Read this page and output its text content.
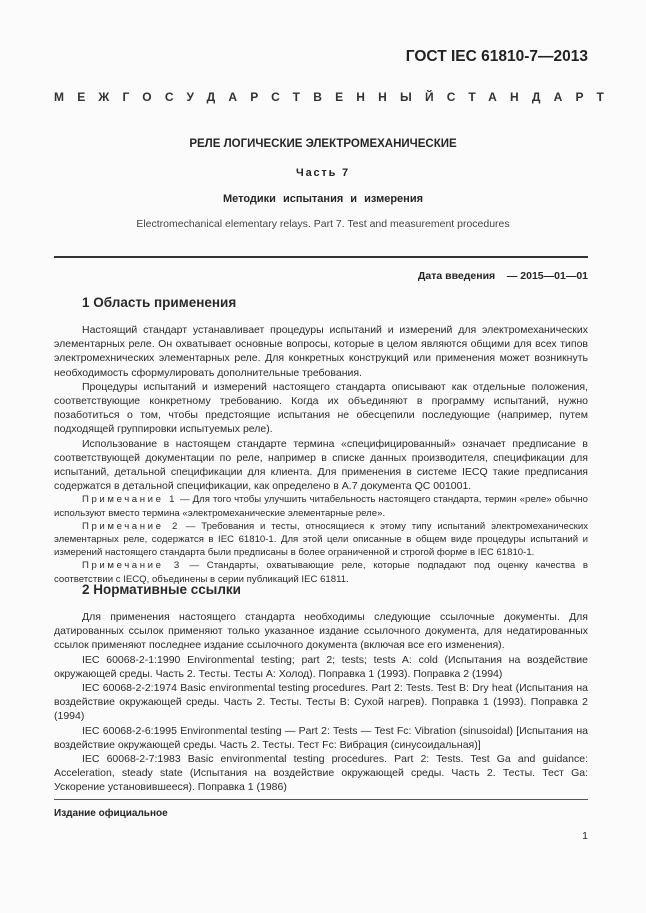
ГОСТ IEC 61810-7—2013
МЕЖГОСУДАРСТВЕННЫЙ СТАНДАРТ
РЕЛЕ ЛОГИЧЕСКИЕ ЭЛЕКТРОМЕХАНИЧЕСКИЕ
Часть 7
Методики испытания и измерения
Electromechanical elementary relays. Part 7. Test and measurement procedures
Дата введения — 2015—01—01
1 Область применения

Настоящий стандарт устанавливает процедуры испытаний и измерений для электромеханических элементарных реле. Он охватывает основные вопросы, которые в целом являются общими для всех типов электромехнических элементарных реле. Для конкретных конструкций или применения может возникнуть необходимость сформулировать дополнительные требования.

Процедуры испытаний и измерений настоящего стандарта описывают как отдельные положения, соответствующие конкретному требованию. Когда их объединяют в программу испытаний, нужно позаботиться о том, чтобы предстоящие испытания не обесцепили последующие (например, путем подходящей группировки испытуемых реле).

Использование в настоящем стандарте термина «специфицированный» означает предписание в соответствующей документации по реле, например в списке данных производителя, спецификации для испытаний, детальной спецификации для клиента. Для применения в системе IECQ такие предписания содержатся в детальной спецификации, как определено в А.7 документа QC 001001.

Примечание 1 — Для того чтобы улучшить читабельность настоящего стандарта, термин «реле» обычно используют вместо термина «электромеханические элементарные реле».

Примечание 2 — Требования и тесты, относящиеся к этому типу испытаний электромеханических элементарных реле, содержатся в IEC 61810-1. Для этой цели описанные в общем виде процедуры испытаний и измерений настоящего стандарта были предписаны в более ограниченной и строгой форме в IEC 61810-1.

Примечание 3 — Стандарты, охватывающие реле, которые подпадают под оценку качества в соответствии с IECQ, объединены в серии публикаций IEC 61811.

2 Нормативные ссылки

Для применения настоящего стандарта необходимы следующие ссылочные документы. Для датированных ссылок применяют только указанное издание ссылочного документа, для недатированных ссылок применяют последнее издание ссылочного документа (включая все его изменения).

IEC 60068-2-1:1990 Environmental testing; part 2; tests; tests A: cold (Испытания на воздействие окружающей среды. Часть 2. Тесты. Тесты А: Холод). Поправка 1 (1993). Поправка 2 (1994)

IEC 60068-2-2:1974 Basic environmental testing procedures. Part 2: Tests. Test B: Dry heat (Испытания на воздействие окружающей среды. Часть 2. Тесты. Тесты В: Сухой нагрев). Поправка 1 (1993). Поправка 2 (1994)

IEC 60068-2-6:1995 Environmental testing — Part 2: Tests — Test Fc: Vibration (sinusoidal) [Испытания на воздействие окружающей среды. Часть 2. Тесты. Тест Fc: Вибрация (синусоидальная)]

IEC 60068-2-7:1983 Basic environmental testing procedures. Part 2: Tests. Test Ga and guidance: Acceleration, steady state (Испытания на воздействие окружающей среды. Часть 2. Тесты. Тест Ga: Ускорение установившееся). Поправка 1 (1986)

Издание официальное
1
